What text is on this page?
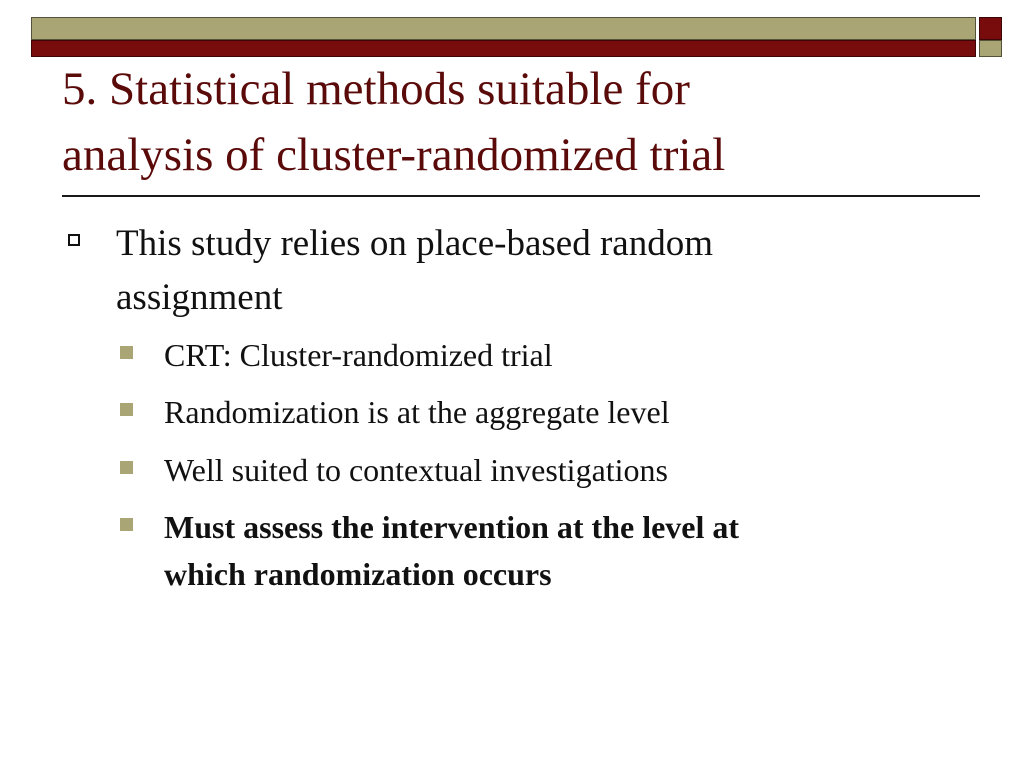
5. Statistical methods suitable for
analysis of cluster-randomized trial
This study relies on place-based random
assignment
CRT: Cluster-randomized trial
Randomization is at the aggregate level
Well suited to contextual investigations
Must assess the intervention at the level at
which randomization occurs
